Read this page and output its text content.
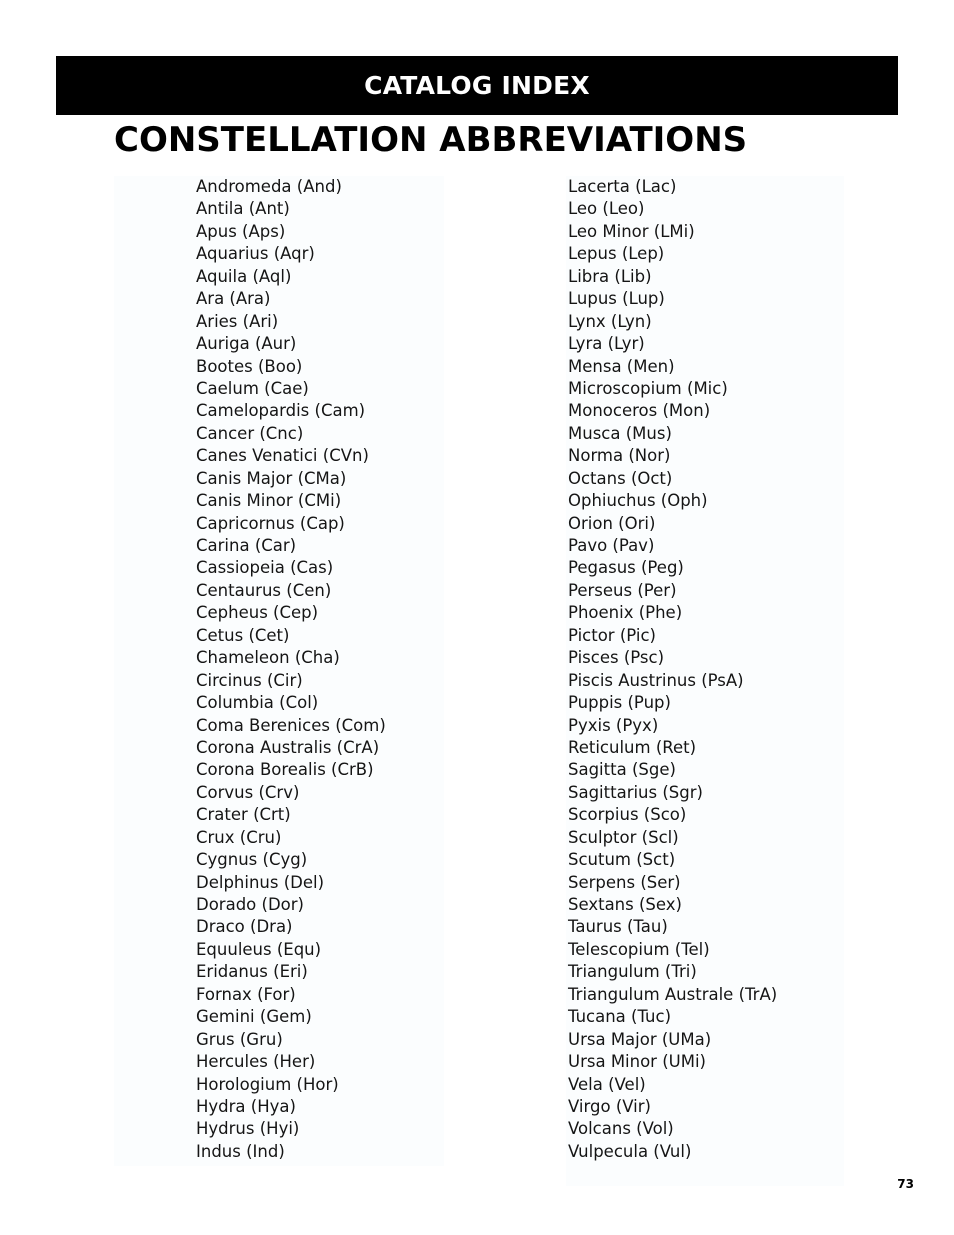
CATALOG INDEX
CONSTELLATION ABBREVIATIONS
Andromeda (And)
Antila (Ant)
Apus (Aps)
Aquarius (Aqr)
Aquila (Aql)
Ara (Ara)
Aries (Ari)
Auriga (Aur)
Bootes (Boo)
Caelum (Cae)
Camelopardis (Cam)
Cancer (Cnc)
Canes Venatici (CVn)
Canis Major (CMa)
Canis Minor (CMi)
Capricornus (Cap)
Carina (Car)
Cassiopeia (Cas)
Centaurus (Cen)
Cepheus (Cep)
Cetus (Cet)
Chameleon (Cha)
Circinus (Cir)
Columbia (Col)
Coma Berenices (Com)
Corona Australis (CrA)
Corona Borealis (CrB)
Corvus (Crv)
Crater (Crt)
Crux (Cru)
Cygnus (Cyg)
Delphinus (Del)
Dorado (Dor)
Draco (Dra)
Equuleus (Equ)
Eridanus (Eri)
Fornax (For)
Gemini (Gem)
Grus (Gru)
Hercules (Her)
Horologium (Hor)
Hydra (Hya)
Hydrus (Hyi)
Indus (Ind)
Lacerta (Lac)
Leo (Leo)
Leo Minor (LMi)
Lepus (Lep)
Libra (Lib)
Lupus (Lup)
Lynx (Lyn)
Lyra (Lyr)
Mensa (Men)
Microscopium (Mic)
Monoceros (Mon)
Musca (Mus)
Norma (Nor)
Octans (Oct)
Ophiuchus (Oph)
Orion (Ori)
Pavo (Pav)
Pegasus (Peg)
Perseus (Per)
Phoenix (Phe)
Pictor (Pic)
Pisces (Psc)
Piscis Austrinus (PsA)
Puppis (Pup)
Pyxis (Pyx)
Reticulum (Ret)
Sagitta (Sge)
Sagittarius (Sgr)
Scorpius (Sco)
Sculptor (Scl)
Scutum (Sct)
Serpens (Ser)
Sextans (Sex)
Taurus (Tau)
Telescopium (Tel)
Triangulum (Tri)
Triangulum Australe (TrA)
Tucana (Tuc)
Ursa Major (UMa)
Ursa Minor (UMi)
Vela (Vel)
Virgo (Vir)
Volcans (Vol)
Vulpecula (Vul)
73
